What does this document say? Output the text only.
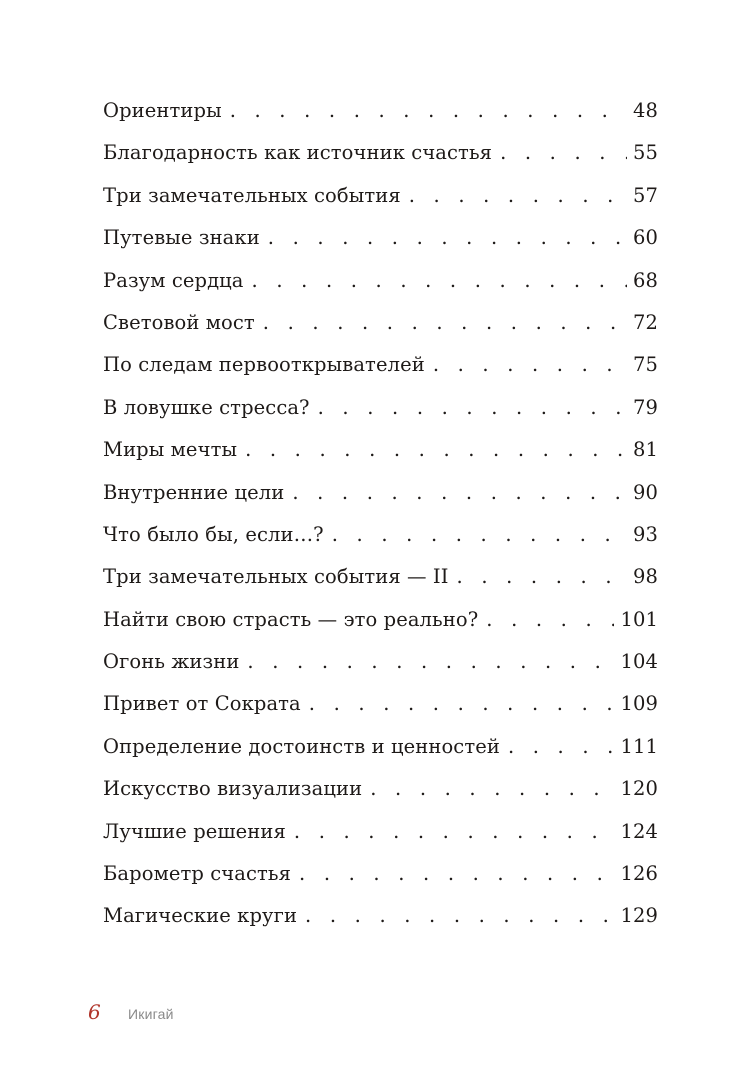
Ориентиры . . .	48
Благодарность как источник счастья . . .	55
Три замечательных события . . .	57
Путевые знаки . . .	60
Разум сердца . . .	68
Световой мост . . .	72
По следам первооткрывателей . . .	75
В ловушке стресса? . . .	79
Миры мечты . . .	81
Внутренние цели . . .	90
Что было бы, если…? . . .	93
Три замечательных события — II . . .	98
Найти свою страсть — это реально? . . .	101
Огонь жизни . . .	104
Привет от Сократа . . .	109
Определение достоинств и ценностей . . .	111
Искусство визуализации . . .	120
Лучшие решения . . .	124
Барометр счастья . . .	126
Магические круги . . .	129
6	Икигай
